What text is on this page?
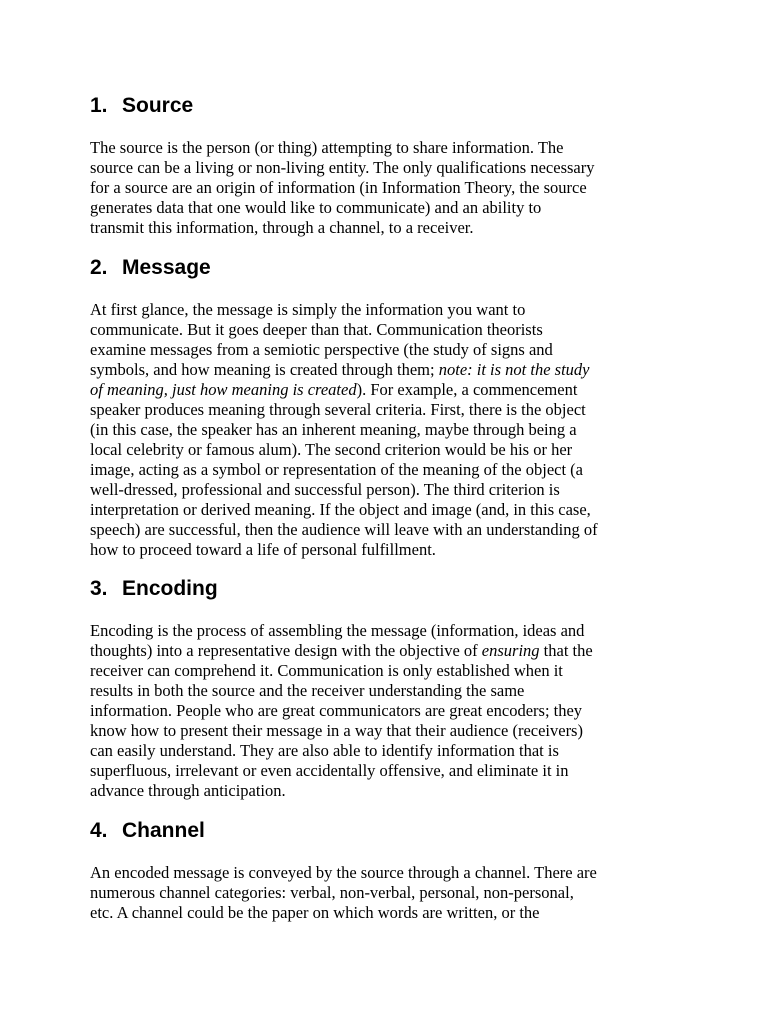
1. Source

The source is the person (or thing) attempting to share information. The
source can be a living or non-living entity. The only qualifications necessary
for a source are an origin of information (in Information Theory, the source
generates data that one would like to communicate) and an ability to
transmit this information, through a channel, to a receiver.

2. Message

At first glance, the message is simply the information you want to
communicate. But it goes deeper than that. Communication theorists
examine messages from a semiotic perspective (the study of signs and
symbols, and how meaning is created through them; note: it is not the study
of meaning, just how meaning is created). For example, a commencement
speaker produces meaning through several criteria. First, there is the object
(in this case, the speaker has an inherent meaning, maybe through being a
local celebrity or famous alum). The second criterion would be his or her
image, acting as a symbol or representation of the meaning of the object (a
well-dressed, professional and successful person). The third criterion is
interpretation or derived meaning. If the object and image (and, in this case,
speech) are successful, then the audience will leave with an understanding of
how to proceed toward a life of personal fulfillment.

3. Encoding

Encoding is the process of assembling the message (information, ideas and
thoughts) into a representative design with the objective of ensuring that the
receiver can comprehend it. Communication is only established when it
results in both the source and the receiver understanding the same
information. People who are great communicators are great encoders; they
know how to present their message in a way that their audience (receivers)
can easily understand. They are also able to identify information that is
superfluous, irrelevant or even accidentally offensive, and eliminate it in
advance through anticipation.

4. Channel

An encoded message is conveyed by the source through a channel. There are
numerous channel categories: verbal, non-verbal, personal, non-personal,
etc. A channel could be the paper on which words are written, or the
